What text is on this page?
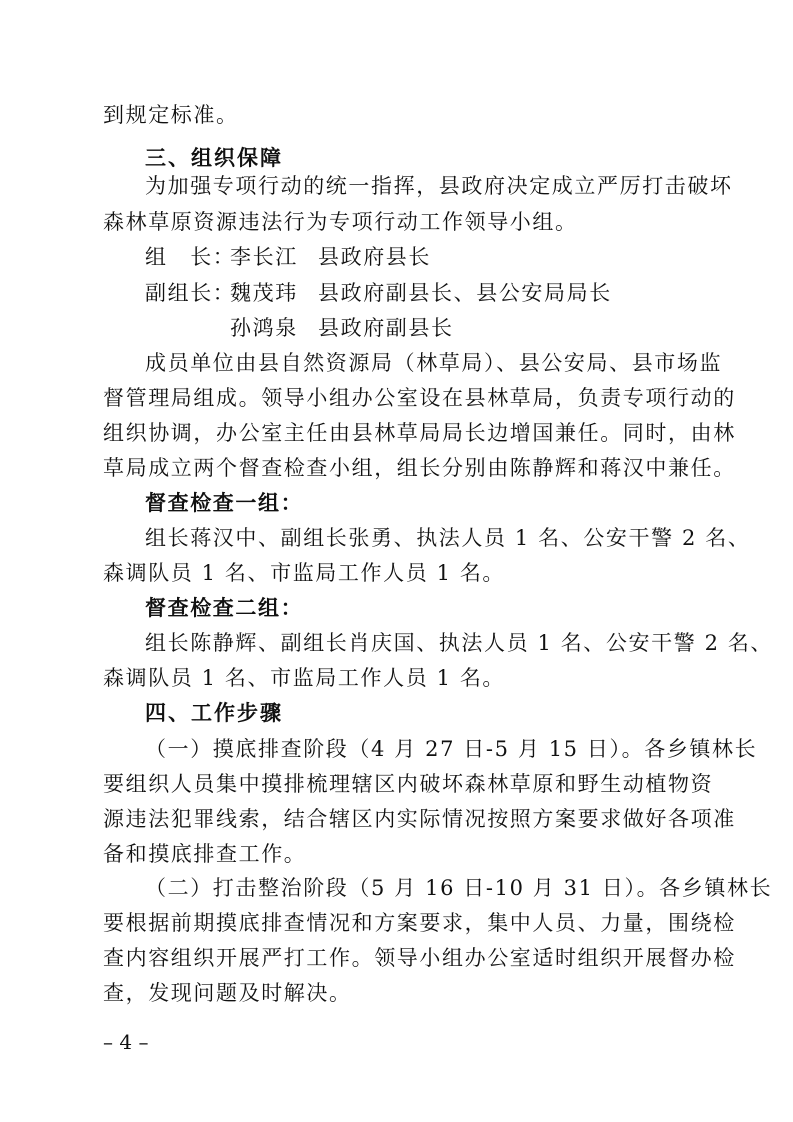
到规定标准。
三、组织保障
为加强专项行动的统一指挥，县政府决定成立严厉打击破坏
森林草原资源违法行为专项行动工作领导小组。
组　长：
李长江 县政府县长
副组长：
魏茂玮 县政府副县长、县公安局局长
孙鸿泉 县政府副县长
成员单位由县自然资源局（林草局）、县公安局、县市场监
督管理局组成。领导小组办公室设在县林草局，负责专项行动的
组织协调，办公室主任由县林草局局长边增国兼任。同时，由林
草局成立两个督查检查小组，组长分别由陈静辉和蒋汉中兼任。
督查检查一组：
组长蒋汉中、副组长张勇、执法人员 1 名、公安干警 2 名、
森调队员 1 名、市监局工作人员 1 名。
督查检查二组：
组长陈静辉、副组长肖庆国、执法人员 1 名、公安干警 2 名、
森调队员 1 名、市监局工作人员 1 名。
四、工作步骤
（一）摸底排查阶段（4 月 27 日-5 月 15 日）。各乡镇林长
要组织人员集中摸排梳理辖区内破坏森林草原和野生动植物资
源违法犯罪线索，结合辖区内实际情况按照方案要求做好各项准
备和摸底排查工作。
（二）打击整治阶段（5 月 16 日-10 月 31 日）。各乡镇林长
要根据前期摸底排查情况和方案要求，集中人员、力量，围绕检
查内容组织开展严打工作。领导小组办公室适时组织开展督办检
查，发现问题及时解决。
– 4 –
